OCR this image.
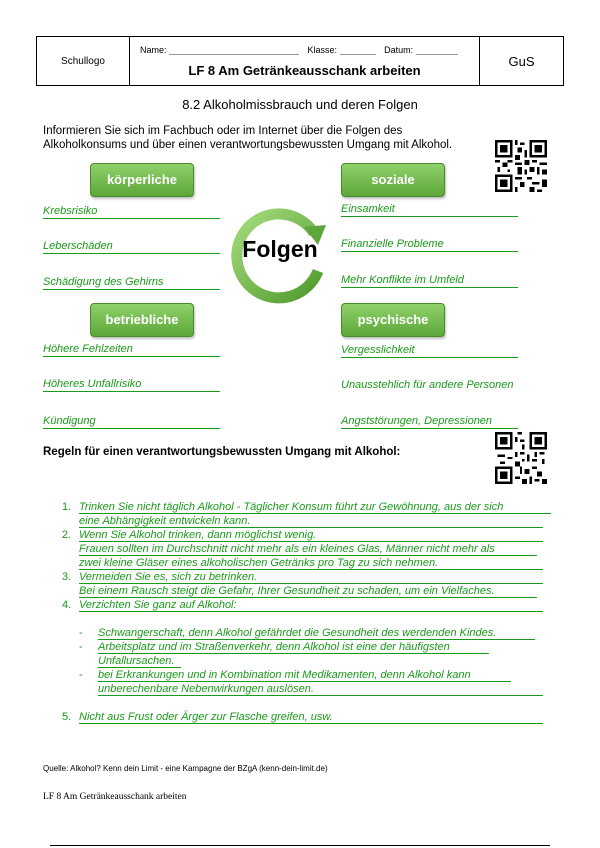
Schullogo
Name:	Klasse:	Datum:
LF 8 Am Getränkeausschank arbeiten
GuS
8.2 Alkoholmissbrauch und deren Folgen
Informieren Sie sich im Fachbuch oder im Internet über die Folgen des Alkoholkonsums und über einen verantwortungsbewussten Umgang mit Alkohol.
körperliche	soziale
betriebliche	psychische
Folgen
Krebsrisiko
Leberschäden
Schädigung des Gehirns
Einsamkeit
Finanzielle Probleme
Mehr Konflikte im Umfeld
Höhere Fehlzeiten
Höheres Unfallrisiko
Kündigung
Vergesslichkeit
Unausstehlich für andere Personen
Angststörungen, Depressionen
Regeln für einen verantwortungsbewussten Umgang mit Alkohol:
1. Trinken Sie nicht täglich Alkohol - Täglicher Konsum führt zur Gewöhnung, aus der sich
eine Abhängigkeit entwickeln kann.
2. Wenn Sie Alkohol trinken, dann möglichst wenig.
Frauen sollten im Durchschnitt nicht mehr als ein kleines Glas, Männer nicht mehr als
zwei kleine Gläser eines alkoholischen Getränks pro Tag zu sich nehmen.
3. Vermeiden Sie es, sich zu betrinken.
Bei einem Rausch steigt die Gefahr, Ihrer Gesundheit zu schaden, um ein Vielfaches.
4. Verzichten Sie ganz auf Alkohol:
- Schwangerschaft, denn Alkohol gefährdet die Gesundheit des werdenden Kindes.
- Arbeitsplatz und im Straßenverkehr, denn Alkohol ist eine der häufigsten
Unfallursachen.
- bei Erkrankungen und in Kombination mit Medikamenten, denn Alkohol kann
unberechenbare Nebenwirkungen auslösen.
5. Nicht aus Frust oder Ärger zur Flasche greifen, usw.
Quelle: Alkohol? Kenn dein Limit - eine Kampagne der BZgA (kenn-dein-limit.de)
LF 8 Am Getränkeausschank arbeiten
